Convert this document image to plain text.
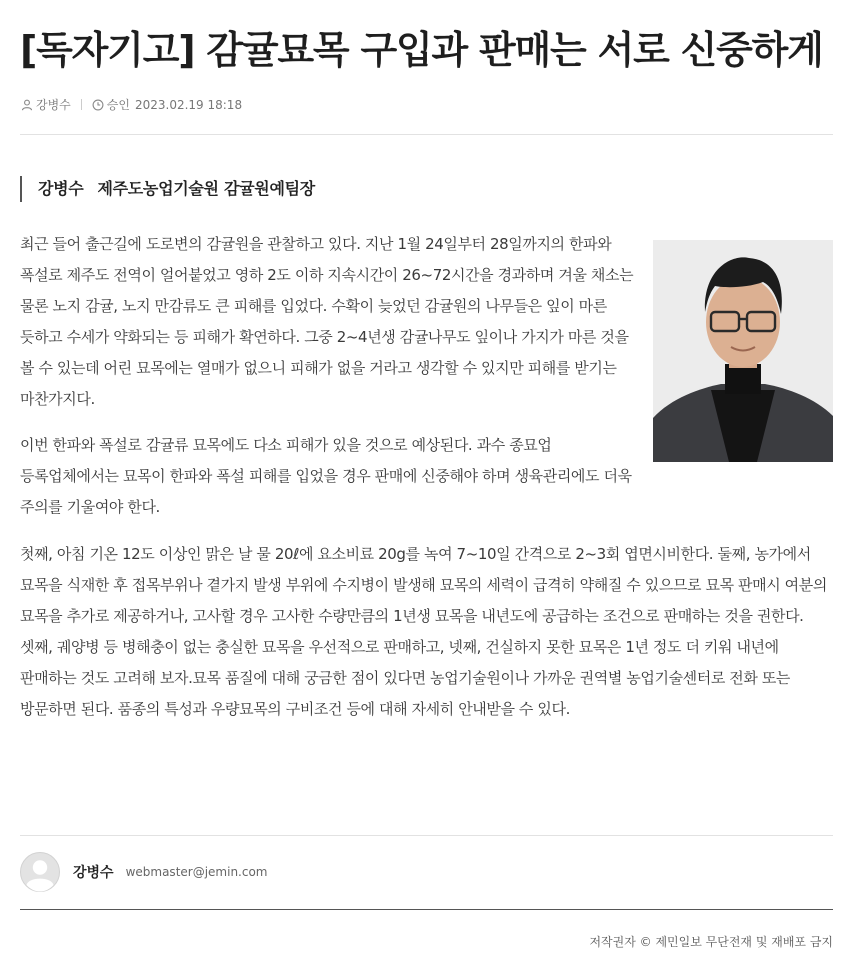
[독자기고] 감귤묘목 구입과 판매는 서로 신중하게
강병수	승인 2023.02.19 18:18
강병수 제주도농업기술원 감귤원예팀장

최근 들어 출근길에 도로변의 감귤원을 관찰하고 있다. 지난 1월 24일부터 28일까지의 한파와 폭설로 제주도 전역이 얼어붙었고 영하 2도 이하 지속시간이 26~72시간을 경과하며 겨울 채소는 물론 노지 감귤, 노지 만감류도 큰 피해를 입었다. 수확이 늦었던 감귤원의 나무들은 잎이 마른 듯하고 수세가 약화되는 등 피해가 확연하다. 그중 2~4년생 감귤나무도 잎이나 가지가 마른 것을 볼 수 있는데 어린 묘목에는 열매가 없으니 피해가 없을 거라고 생각할 수 있지만 피해를 받기는 마찬가지다.

이번 한파와 폭설로 감귤류 묘목에도 다소 피해가 있을 것으로 예상된다. 과수 종묘업 등록업체에서는 묘목이 한파와 폭설 피해를 입었을 경우 판매에 신중해야 하며 생육관리에도 더욱 주의를 기울여야 한다.

첫째, 아침 기온 12도 이상인 맑은 날 물 20ℓ에 요소비료 20g를 녹여 7~10일 간격으로 2~3회 엽면시비한다. 둘째, 농가에서 묘목을 식재한 후 접목부위나 곁가지 발생 부위에 수지병이 발생해 묘목의 세력이 급격히 약해질 수 있으므로 묘목 판매시 여분의 묘목을 추가로 제공하거나, 고사할 경우 고사한 수량만큼의 1년생 묘목을 내년도에 공급하는 조건으로 판매하는 것을 권한다. 셋째, 궤양병 등 병해충이 없는 충실한 묘목을 우선적으로 판매하고, 넷째, 건실하지 못한 묘목은 1년 정도 더 키워 내년에 판매하는 것도 고려해 보자.묘목 품질에 대해 궁금한 점이 있다면 농업기술원이나 가까운 권역별 농업기술센터로 전화 또는 방문하면 된다. 품종의 특성과 우량묘목의 구비조건 등에 대해 자세히 안내받을 수 있다.

강병수 webmaster@jemin.com
저작권자 © 제민일보 무단전재 및 재배포 금지
